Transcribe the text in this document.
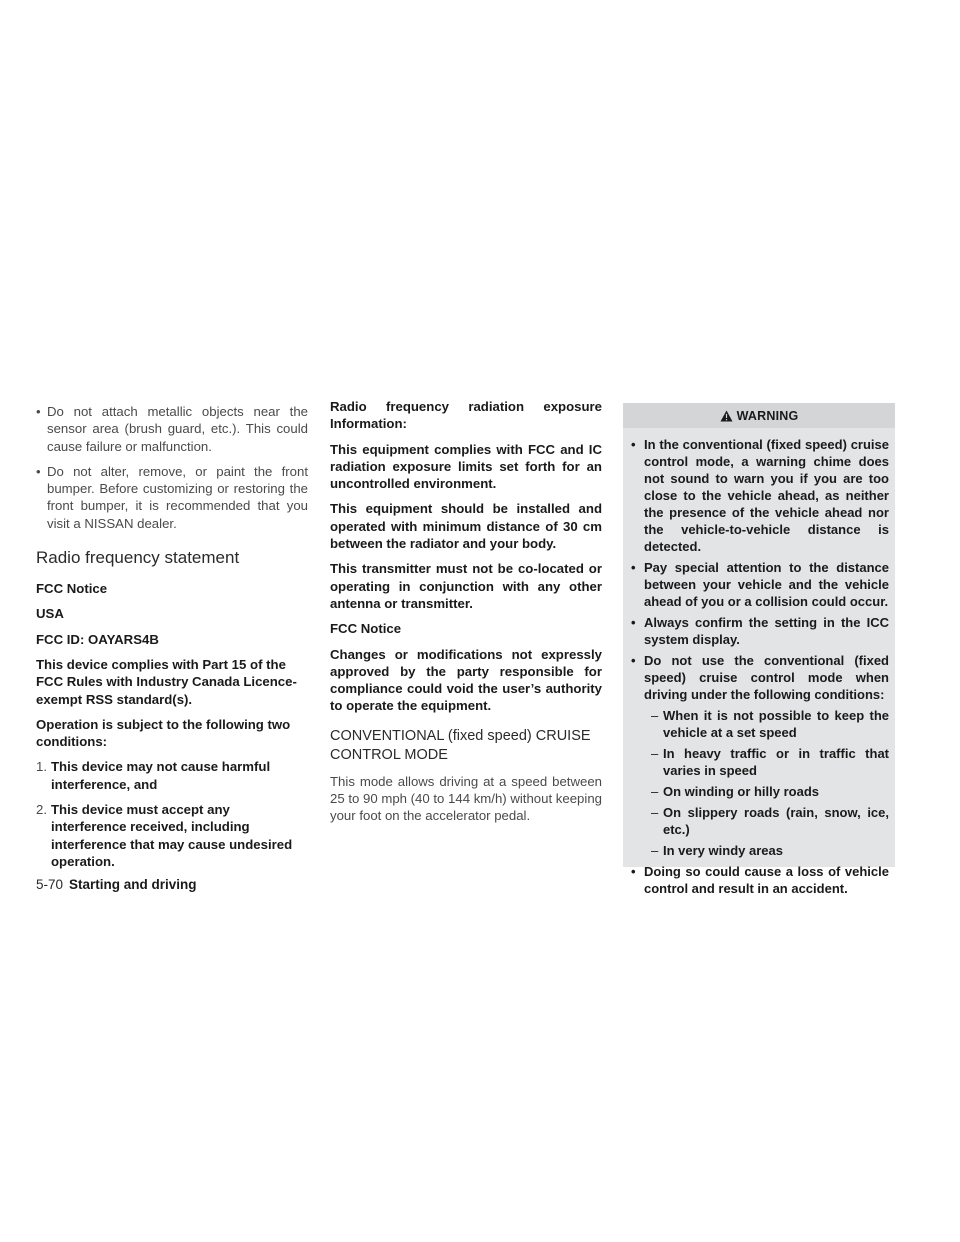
• Do not attach metallic objects near the sensor area (brush guard, etc.). This could cause failure or malfunction.
• Do not alter, remove, or paint the front bumper. Before customizing or restoring the front bumper, it is recommended that you visit a NISSAN dealer.
Radio frequency statement

FCC Notice

USA

FCC ID: OAYARS4B

This device complies with Part 15 of the FCC Rules with Industry Canada Licence-exempt RSS standard(s).

Operation is subject to the following two conditions:

1. This device may not cause harmful interference, and
2. This device must accept any interference received, including interference that may cause undesired operation.

Radio frequency radiation exposure Information:

This equipment complies with FCC and IC radiation exposure limits set forth for an uncontrolled environment.

This equipment should be installed and operated with minimum distance of 30 cm between the radiator and your body.

This transmitter must not be co-located or operating in conjunction with any other antenna or transmitter.

FCC Notice

Changes or modifications not expressly approved by the party responsible for compliance could void the user’s authority to operate the equipment.

CONVENTIONAL (fixed speed) CRUISE CONTROL MODE

This mode allows driving at a speed between 25 to 90 mph (40 to 144 km/h) without keeping your foot on the accelerator pedal.

WARNING
• In the conventional (fixed speed) cruise control mode, a warning chime does not sound to warn you if you are too close to the vehicle ahead, as neither the presence of the vehicle ahead nor the vehicle-to-vehicle distance is detected.
• Pay special attention to the distance between your vehicle and the vehicle ahead of you or a collision could occur.
• Always confirm the setting in the ICC system display.
• Do not use the conventional (fixed speed) cruise control mode when driving under the following conditions:
– When it is not possible to keep the vehicle at a set speed
– In heavy traffic or in traffic that varies in speed
– On winding or hilly roads
– On slippery roads (rain, snow, ice, etc.)
– In very windy areas
• Doing so could cause a loss of vehicle control and result in an accident.
5-70 Starting and driving
